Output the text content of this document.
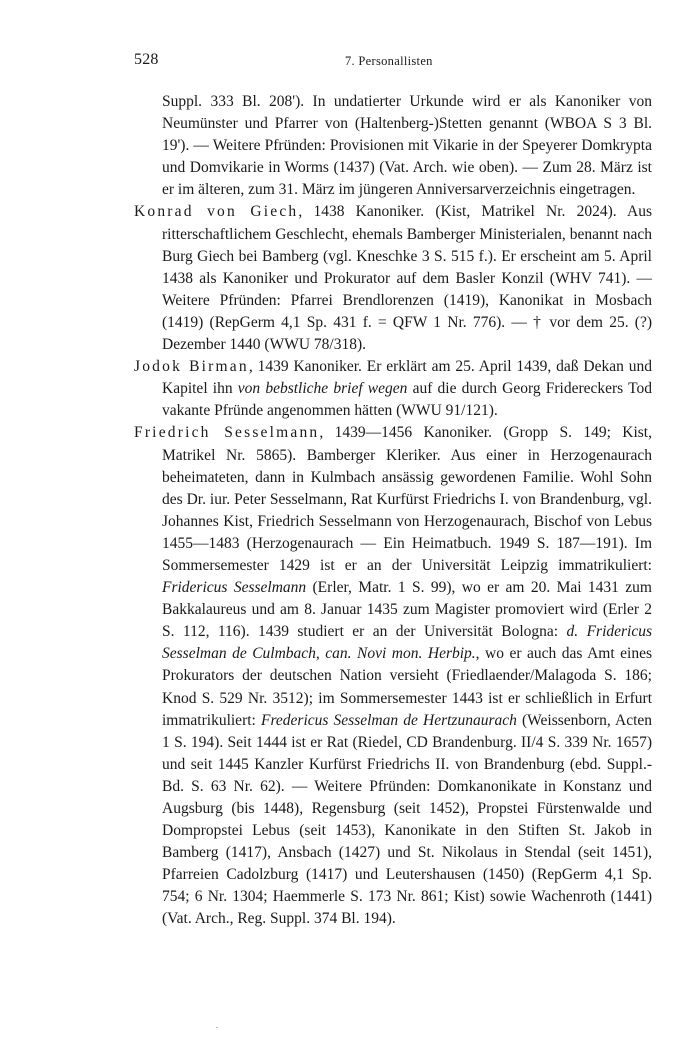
528	7. Personallisten

Suppl. 333 Bl. 208'). In undatierter Urkunde wird er als Kanoniker von Neumünster und Pfarrer von (Haltenberg-)Stetten genannt (WBOA S 3 Bl. 19'). — Weitere Pfründen: Provisionen mit Vikarie in der Speyerer Domkrypta und Domvikarie in Worms (1437) (Vat. Arch. wie oben). — Zum 28. März ist er im älteren, zum 31. März im jüngeren Anniversarverzeichnis eingetragen.

Konrad von Giech, 1438 Kanoniker. (Kist, Matrikel Nr. 2024). Aus ritterschaftlichem Geschlecht, ehemals Bamberger Ministerialen, benannt nach Burg Giech bei Bamberg (vgl. Kneschke 3 S. 515 f.). Er erscheint am 5. April 1438 als Kanoniker und Prokurator auf dem Basler Konzil (WHV 741). — Weitere Pfründen: Pfarrei Brendlorenzen (1419), Kanonikat in Mosbach (1419) (RepGerm 4,1 Sp. 431 f. = QFW 1 Nr. 776). — † vor dem 25. (?) Dezember 1440 (WWU 78/318).

Jodok Birman, 1439 Kanoniker. Er erklärt am 25. April 1439, daß Dekan und Kapitel ihn von bebstliche brief wegen auf die durch Georg Fridereckers Tod vakante Pfründe angenommen hätten (WWU 91/121).

Friedrich Sesselmann, 1439—1456 Kanoniker. (Gropp S. 149; Kist, Matrikel Nr. 5865). Bamberger Kleriker. Aus einer in Herzogenaurach beheimateten, dann in Kulmbach ansässig gewordenen Familie. Wohl Sohn des Dr. iur. Peter Sesselmann, Rat Kurfürst Friedrichs I. von Brandenburg, vgl. Johannes Kist, Friedrich Sesselmann von Herzogenaurach, Bischof von Lebus 1455—1483 (Herzogenaurach — Ein Heimatbuch. 1949 S. 187—191). Im Sommersemester 1429 ist er an der Universität Leipzig immatrikuliert: Fridericus Sesselmann (Erler, Matr. 1 S. 99), wo er am 20. Mai 1431 zum Bakkalaureus und am 8. Januar 1435 zum Magister promoviert wird (Erler 2 S. 112, 116). 1439 studiert er an der Universität Bologna: d. Fridericus Sesselman de Culmbach, can. Novi mon. Herbip., wo er auch das Amt eines Prokurators der deutschen Nation versieht (Friedlaender/Malagoda S. 186; Knod S. 529 Nr. 3512); im Sommersemester 1443 ist er schließlich in Erfurt immatrikuliert: Fredericus Sesselman de Hertzunaurach (Weissenborn, Acten 1 S. 194). Seit 1444 ist er Rat (Riedel, CD Brandenburg. II/4 S. 339 Nr. 1657) und seit 1445 Kanzler Kurfürst Friedrichs II. von Brandenburg (ebd. Suppl.-Bd. S. 63 Nr. 62). — Weitere Pfründen: Domkanonikate in Konstanz und Augsburg (bis 1448), Regensburg (seit 1452), Propstei Fürstenwalde und Dompropstei Lebus (seit 1453), Kanonikate in den Stiften St. Jakob in Bamberg (1417), Ansbach (1427) und St. Nikolaus in Stendal (seit 1451), Pfarreien Cadolzburg (1417) und Leutershausen (1450) (RepGerm 4,1 Sp. 754; 6 Nr. 1304; Haemmerle S. 173 Nr. 861; Kist) sowie Wachenroth (1441) (Vat. Arch., Reg. Suppl. 374 Bl. 194).
